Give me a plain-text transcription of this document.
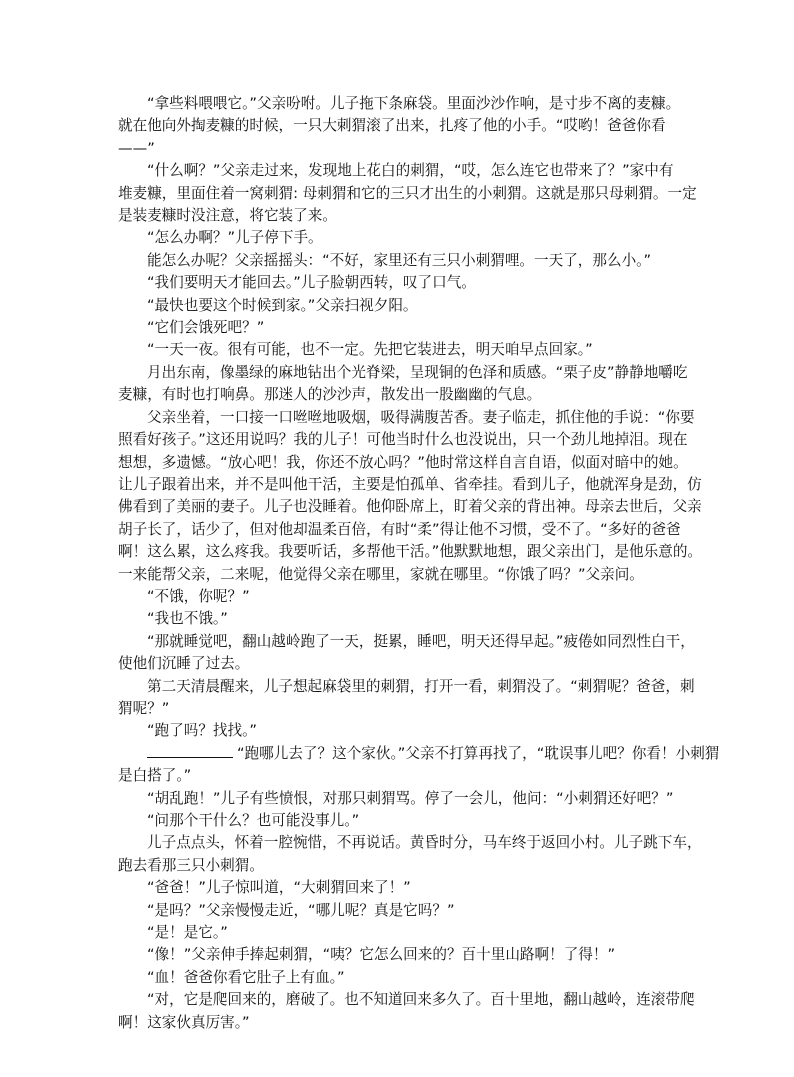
“拿些料喂喂它。”父亲吩咐。儿子拖下条麻袋。里面沙沙作响，是寸步不离的麦糠。
就在他向外掏麦糠的时候，一只大刺猬滚了出来，扎疼了他的小手。“哎哟！爸爸你看
——”
“什么啊？”父亲走过来，发现地上花白的刺猬，“哎，怎么连它也带来了？”家中有
堆麦糠，里面住着一窝刺猬: 母刺猬和它的三只才出生的小刺猬。这就是那只母刺猬。一定
是装麦糠时没注意，将它装了来。
“怎么办啊？”儿子停下手。
能怎么办呢？父亲摇摇头：“不好，家里还有三只小刺猬哩。一天了，那么小。”
“我们要明天才能回去。”儿子脸朝西转，叹了口气。
“最快也要这个时候到家。”父亲扫视夕阳。
“它们会饿死吧？”
“一天一夜。很有可能，也不一定。先把它装进去，明天咱早点回家。”
月出东南，像墨绿的麻地钻出个光脊梁，呈现铜的色泽和质感。“栗子皮”静静地嚼吃
麦糠，有时也打响鼻。那迷人的沙沙声，散发出一股幽幽的气息。
父亲坐着，一口接一口咝咝地吸烟，吸得满腹苦香。妻子临走，抓住他的手说：“你要
照看好孩子。”这还用说吗？我的儿子！可他当时什么也没说出，只一个劲儿地掉泪。现在
想想，多遗憾。“放心吧！我，你还不放心吗？”他时常这样自言自语，似面对暗中的她。
让儿子跟着出来，并不是叫他干活，主要是怕孤单、省牵挂。看到儿子，他就浑身是劲，仿
佛看到了美丽的妻子。儿子也没睡着。他仰卧席上，盯着父亲的背出神。母亲去世后，父亲
胡子长了，话少了，但对他却温柔百倍，有时“柔”得让他不习惯，受不了。“多好的爸爸
啊！这么累，这么疼我。我要听话，多帮他干活。”他默默地想，跟父亲出门，是他乐意的。
一来能帮父亲，二来呢，他觉得父亲在哪里，家就在哪里。“你饿了吗？”父亲问。
“不饿，你呢？”
“我也不饿。”
“那就睡觉吧，翻山越岭跑了一天，挺累，睡吧，明天还得早起。”疲倦如同烈性白干，
使他们沉睡了过去。
第二天清晨醒来，儿子想起麻袋里的刺猬，打开一看，刺猬没了。“刺猬呢？爸爸，刺
猬呢？”
“跑了吗？找找。”
“跑哪儿去了？这个家伙。”父亲不打算再找了，“耽误事儿吧？你看！小刺猬
是白搭了。”
“胡乱跑！”儿子有些愤恨，对那只刺猬骂。停了一会儿，他问：“小刺猬还好吧？”
“问那个干什么？也可能没事儿。”
儿子点点头，怀着一腔惋惜，不再说话。黄昏时分，马车终于返回小村。儿子跳下车，
跑去看那三只小刺猬。
“爸爸！”儿子惊叫道，“大刺猬回来了！”
“是吗？”父亲慢慢走近，“哪儿呢？真是它吗？”
“是！是它。”
“像！”父亲伸手捧起刺猬，“咦？它怎么回来的？百十里山路啊！了得！”
“血！爸爸你看它肚子上有血。”
“对，它是爬回来的，磨破了。也不知道回来多久了。百十里地，翻山越岭，连滚带爬
啊！这家伙真厉害。”
